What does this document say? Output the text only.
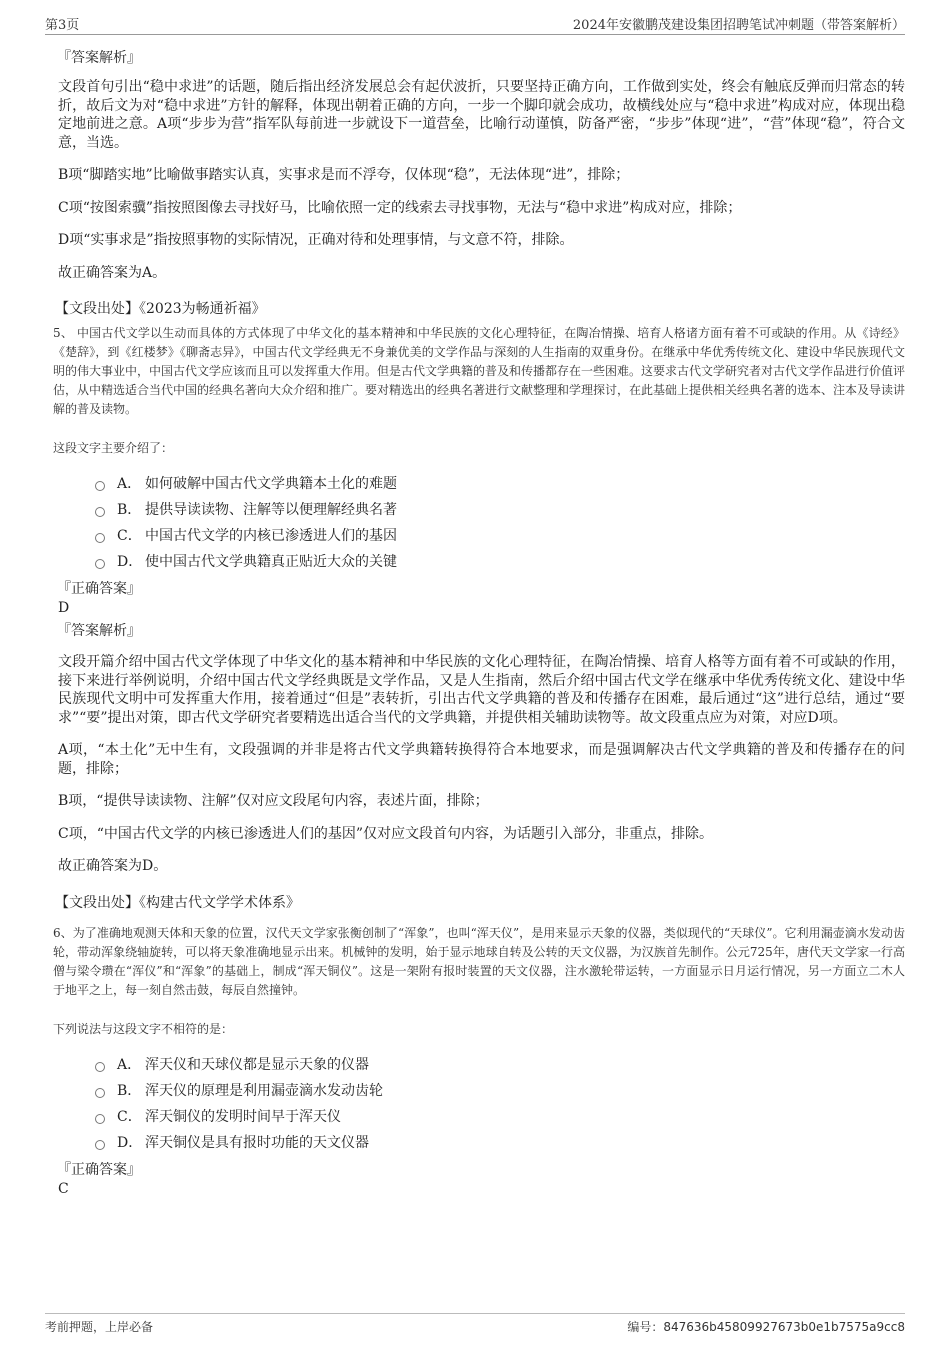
第3页	2024年安徽鹏茂建设集团招聘笔试冲刺题（带答案解析）
『答案解析』

文段首句引出“稳中求进”的话题，随后指出经济发展总会有起伏波折，只要坚持正确方向，工作做到实处，终会有触底反弹而归常态的转折，故后文为对“稳中求进”方针的解释，体现出朝着正确的方向，一步一个脚印就会成功，故横线处应与“稳中求进”构成对应，体现出稳定地前进之意。A项“步步为营”指军队每前进一步就设下一道营垒，比喻行动谨慎，防备严密，“步步”体现“进”，“营”体现“稳”，符合文意，当选。

B项“脚踏实地”比喻做事踏实认真，实事求是而不浮夸，仅体现“稳”，无法体现“进”，排除；

C项“按图索骥”指按照图像去寻找好马，比喻依照一定的线索去寻找事物，无法与“稳中求进”构成对应，排除；

D项“实事求是”指按照事物的实际情况，正确对待和处理事情，与文意不符，排除。

故正确答案为A。

【文段出处】《2023为畅通祈福》

5、 中国古代文学以生动而具体的方式体现了中华文化的基本精神和中华民族的文化心理特征，在陶冶情操、培育人格诸方面有着不可或缺的作用。从《诗经》《楚辞》，到《红楼梦》《聊斋志异》，中国古代文学经典无不身兼优美的文学作品与深刻的人生指南的双重身份。在继承中华优秀传统文化、建设中华民族现代文明的伟大事业中，中国古代文学应该而且可以发挥重大作用。但是古代文学典籍的普及和传播都存在一些困难。这要求古代文学研究者对古代文学作品进行价值评估，从中精选适合当代中国的经典名著向大众介绍和推广。要对精选出的经典名著进行文献整理和学理探讨，在此基础上提供相关经典名著的选本、注本及导读讲解的普及读物。

这段文字主要介绍了：
A． 如何破解中国古代文学典籍本土化的难题
B． 提供导读读物、注解等以便理解经典名著
C． 中国古代文学的内核已渗透进人们的基因
D． 使中国古代文学典籍真正贴近大众的关键
『正确答案』
D
『答案解析』

文段开篇介绍中国古代文学体现了中华文化的基本精神和中华民族的文化心理特征，在陶冶情操、培育人格等方面有着不可或缺的作用，接下来进行举例说明，介绍中国古代文学经典既是文学作品，又是人生指南，然后介绍中国古代文学在继承中华优秀传统文化、建设中华民族现代文明中可发挥重大作用，接着通过“但是”表转折，引出古代文学典籍的普及和传播存在困难，最后通过“这”进行总结，通过“要求”“要”提出对策，即古代文学研究者要精选出适合当代的文学典籍，并提供相关辅助读物等。故文段重点应为对策，对应D项。

A项，“本土化”无中生有，文段强调的并非是将古代文学典籍转换得符合本地要求，而是强调解决古代文学典籍的普及和传播存在的问题，排除；

B项，“提供导读读物、注解”仅对应文段尾句内容，表述片面，排除；

C项，“中国古代文学的内核已渗透进人们的基因”仅对应文段首句内容，为话题引入部分，非重点，排除。

故正确答案为D。

【文段出处】《构建古代文学学术体系》

6、为了准确地观测天体和天象的位置，汉代天文学家张衡创制了“浑象”，也叫“浑天仪”，是用来显示天象的仪器，类似现代的“天球仪”。它利用漏壶滴水发动齿轮，带动浑象绕轴旋转，可以将天象准确地显示出来。机械钟的发明，始于显示地球自转及公转的天文仪器，为汉族首先制作。公元725年，唐代天文学家一行高僧与梁令瓒在“浑仪”和“浑象”的基础上，制成“浑天铜仪”。这是一架附有报时装置的天文仪器，注水激轮带运转，一方面显示日月运行情况，另一方面立二木人于地平之上，每一刻自然击鼓，每辰自然撞钟。

下列说法与这段文字不相符的是：
A． 浑天仪和天球仪都是显示天象的仪器
B． 浑天仪的原理是利用漏壶滴水发动齿轮
C． 浑天铜仪的发明时间早于浑天仪
D． 浑天铜仪是具有报时功能的天文仪器
『正确答案』
C
考前押题，上岸必备	编号：847636b45809927673b0e1b7575a9cc8
